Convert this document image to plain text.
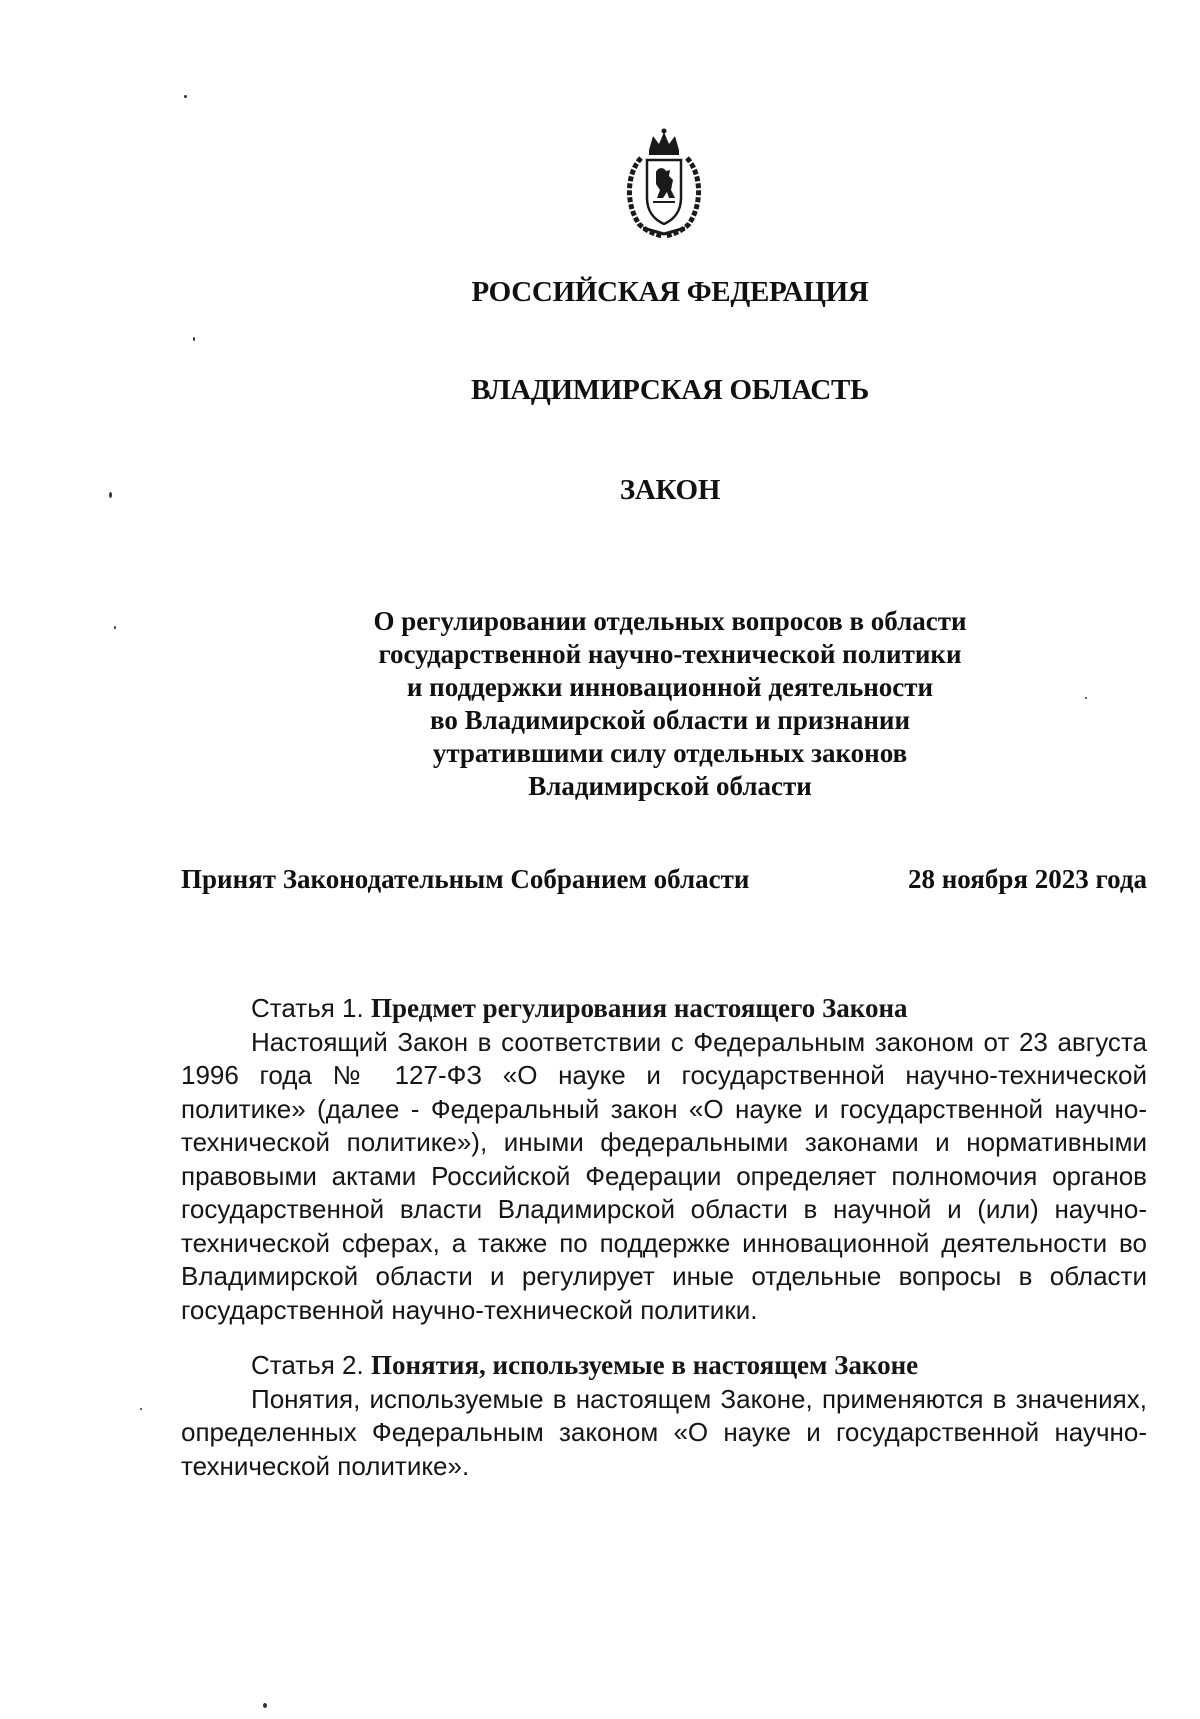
РОССИЙСКАЯ ФЕДЕРАЦИЯ
ВЛАДИМИРСКАЯ ОБЛАСТЬ
ЗАКОН
О регулировании отдельных вопросов в области
государственной научно-технической политики
и поддержки инновационной деятельности
во Владимирской области и признании
утратившими силу отдельных законов
Владимирской области
Принят Законодательным Собранием области	28 ноября 2023 года
Статья 1. Предмет регулирования настоящего Закона
Настоящий Закон в соответствии с Федеральным законом от 23 августа 1996 года № 127-ФЗ «О науке и государственной научно-технической политике» (далее - Федеральный закон «О науке и государственной научно-технической политике»), иными федеральными законами и нормативными правовыми актами Российской Федерации определяет полномочия органов государственной власти Владимирской области в научной и (или) научно-технической сферах, а также по поддержке инновационной деятельности во Владимирской области и регулирует иные отдельные вопросы в области государственной научно-технической политики.
Статья 2. Понятия, используемые в настоящем Законе
Понятия, используемые в настоящем Законе, применяются в значениях, определенных Федеральным законом «О науке и государственной научно-технической политике».
